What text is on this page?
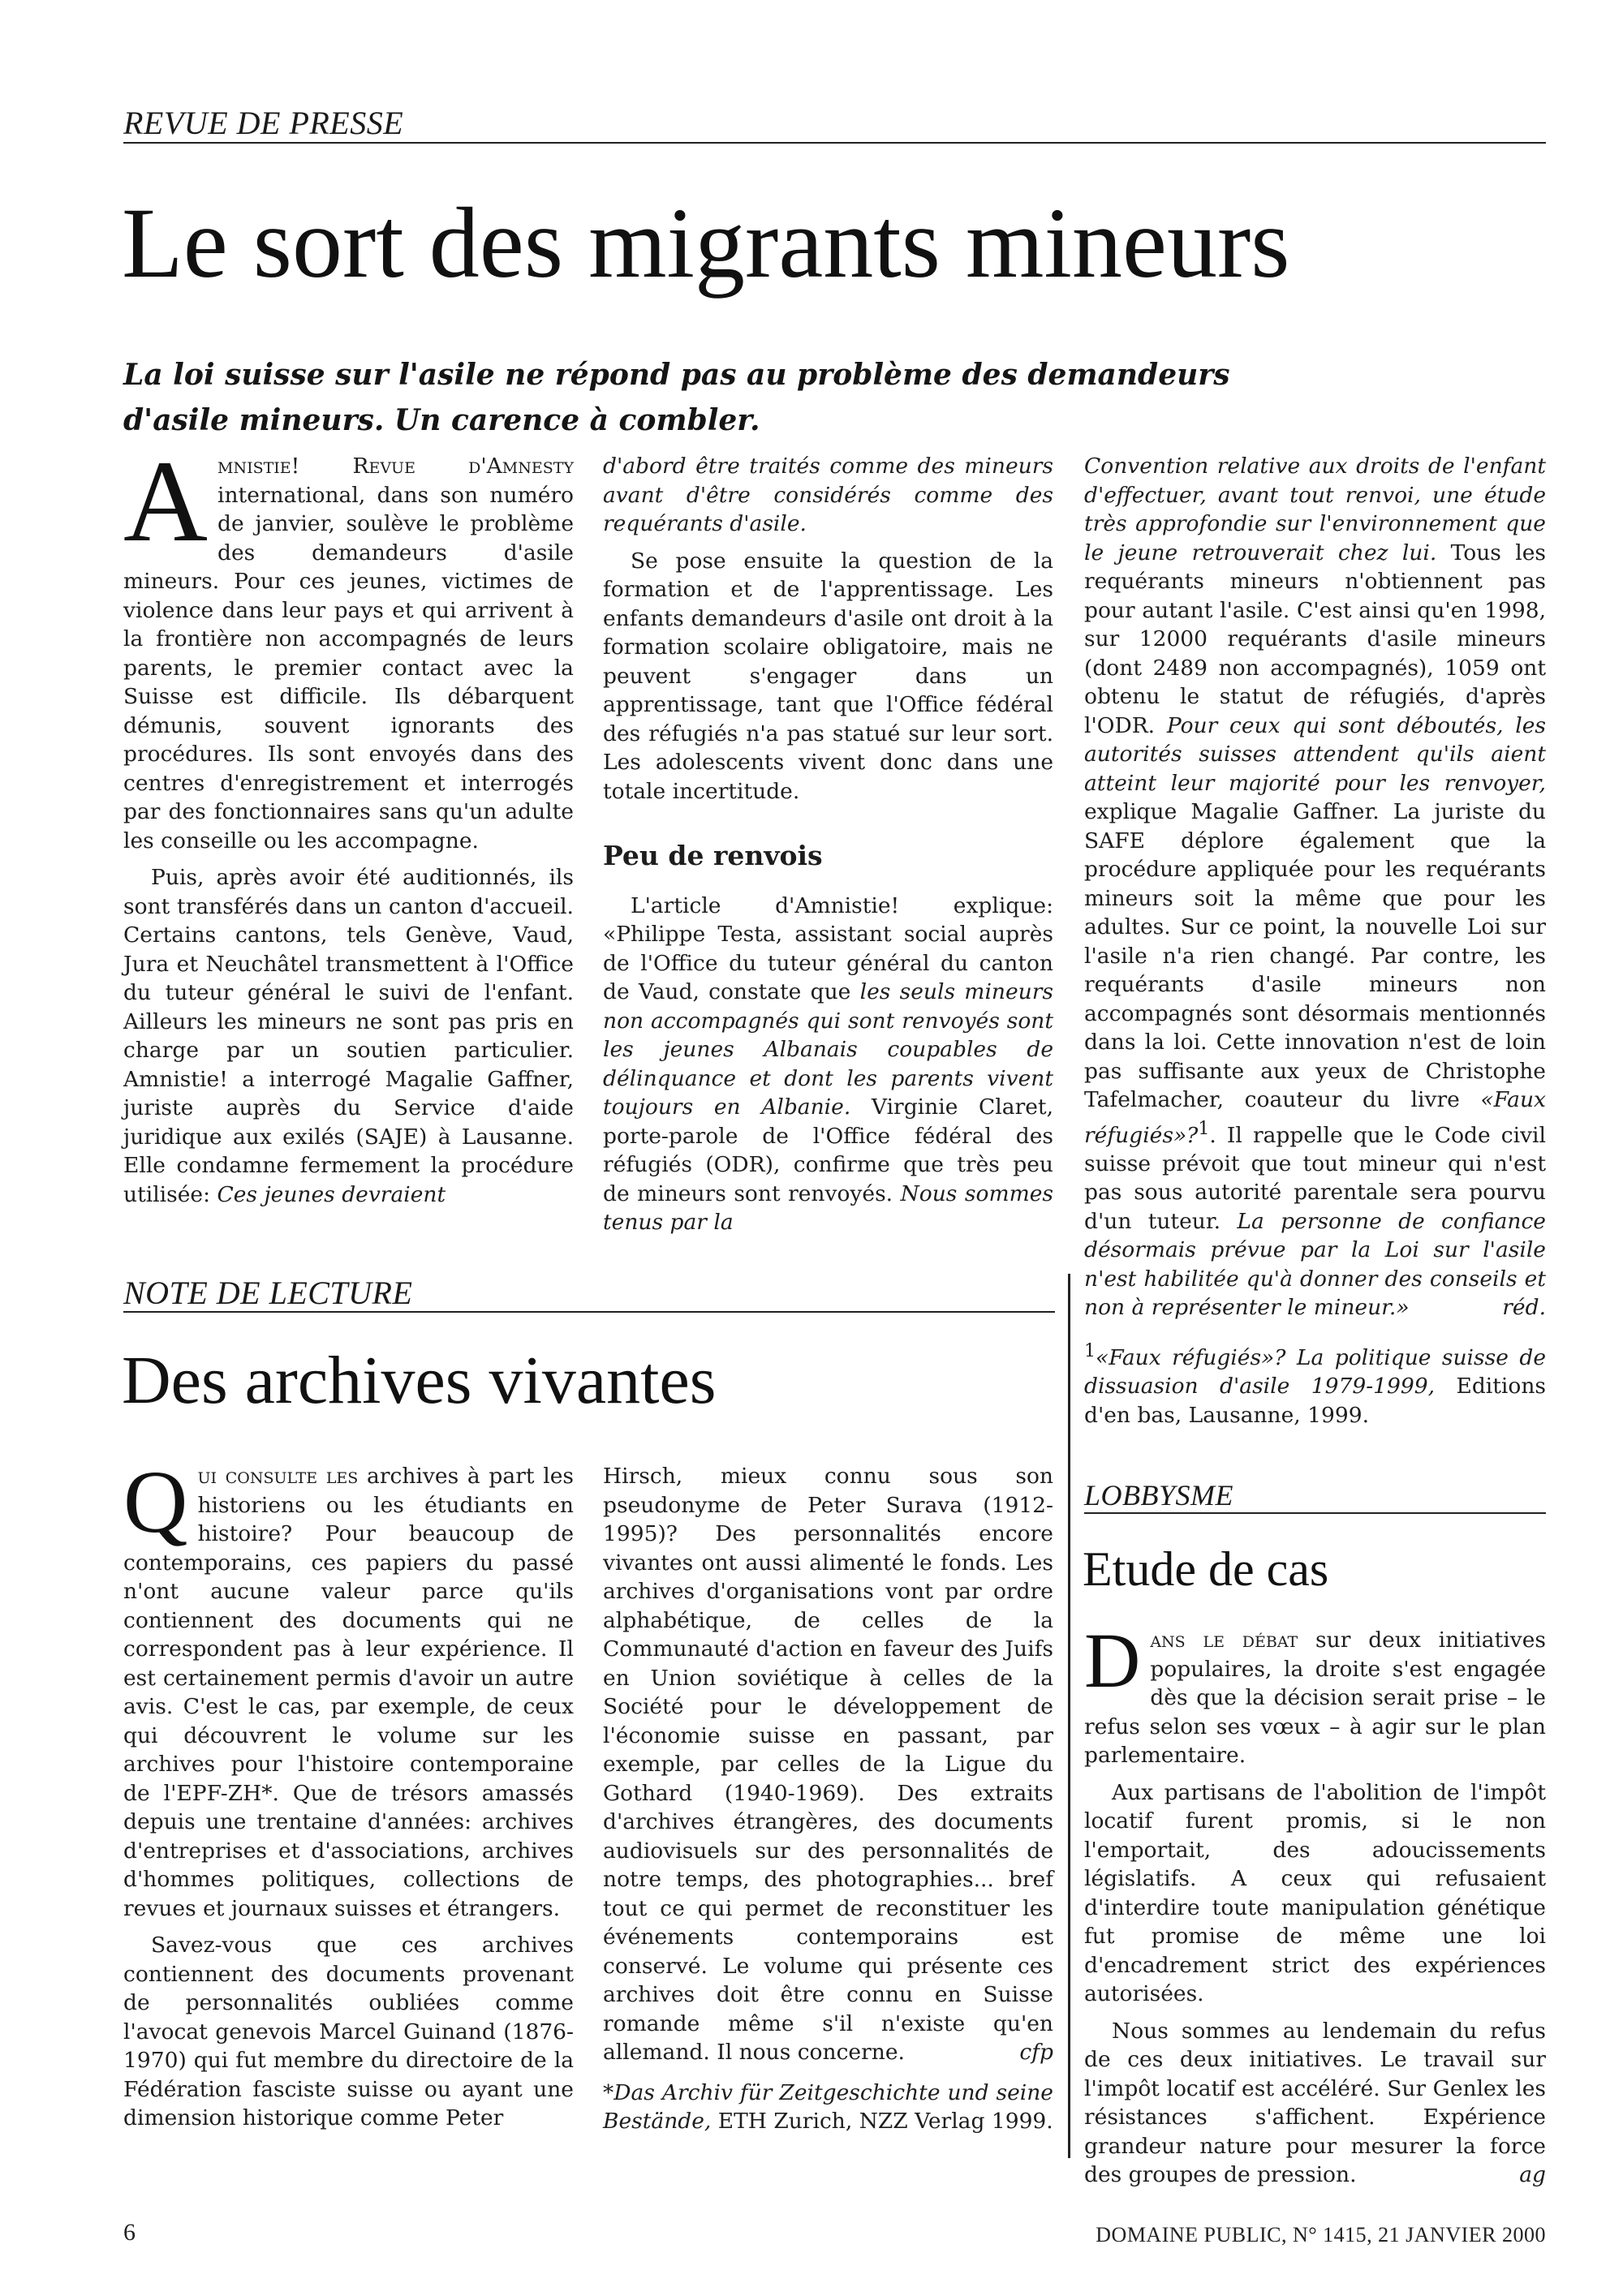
REVUE DE PRESSE
Le sort des migrants mineurs
La loi suisse sur l'asile ne répond pas au problème des demandeurs d'asile mineurs. Un carence à combler.

Amnistie! Revue d'Amnesty international, dans son numéro de janvier, soulève le problème des demandeurs d'asile mineurs. Pour ces jeunes, victimes de violence dans leur pays et qui arrivent à la frontière non accompagnés de leurs parents, le premier contact avec la Suisse est difficile. Ils débarquent démunis, souvent ignorants des procédures. Ils sont envoyés dans des centres d'enregistrement et interrogés par des fonctionnaires sans qu'un adulte les conseille ou les accompagne.

Puis, après avoir été auditionnés, ils sont transférés dans un canton d'accueil. Certains cantons, tels Genève, Vaud, Jura et Neuchâtel transmettent à l'Office du tuteur général le suivi de l'enfant. Ailleurs les mineurs ne sont pas pris en charge par un soutien particulier. Amnistie! a interrogé Magalie Gaffner, juriste auprès du Service d'aide juridique aux exilés (SAJE) à Lausanne. Elle condamne fermement la procédure utilisée: Ces jeunes devraient

d'abord être traités comme des mineurs avant d'être considérés comme des requérants d'asile.

Se pose ensuite la question de la formation et de l'apprentissage. Les enfants demandeurs d'asile ont droit à la formation scolaire obligatoire, mais ne peuvent s'engager dans un apprentissage, tant que l'Office fédéral des réfugiés n'a pas statué sur leur sort. Les adolescents vivent donc dans une totale incertitude.

Peu de renvois

L'article d'Amnistie! explique: «Philippe Testa, assistant social auprès de l'Office du tuteur général du canton de Vaud, constate que les seuls mineurs non accompagnés qui sont renvoyés sont les jeunes Albanais coupables de délinquance et dont les parents vivent toujours en Albanie. Virginie Claret, porte-parole de l'Office fédéral des réfugiés (ODR), confirme que très peu de mineurs sont renvoyés. Nous sommes tenus par la

Convention relative aux droits de l'enfant d'effectuer, avant tout renvoi, une étude très approfondie sur l'environnement que le jeune retrouverait chez lui. Tous les requérants mineurs n'obtiennent pas pour autant l'asile. C'est ainsi qu'en 1998, sur 12000 requérants d'asile mineurs (dont 2489 non accompagnés), 1059 ont obtenu le statut de réfugiés, d'après l'ODR. Pour ceux qui sont déboutés, les autorités suisses attendent qu'ils aient atteint leur majorité pour les renvoyer, explique Magalie Gaffner. La juriste du SAFE déplore également que la procédure appliquée pour les requérants mineurs soit la même que pour les adultes. Sur ce point, la nouvelle Loi sur l'asile n'a rien changé. Par contre, les requérants d'asile mineurs non accompagnés sont désormais mentionnés dans la loi. Cette innovation n'est de loin pas suffisante aux yeux de Christophe Tafelmacher, coauteur du livre «Faux réfugiés»?$^1$. Il rappelle que le Code civil suisse prévoit que tout mineur qui n'est pas sous autorité parentale sera pourvu d'un tuteur. La personne de confiance désormais prévue par la Loi sur l'asile n'est habilitée qu'à donner des conseils et non à représenter le mineur.»	réd.

$^1$«Faux réfugiés»? La politique suisse de dissuasion d'asile 1979-1999, Editions d'en bas, Lausanne, 1999.

NOTE DE LECTURE
Des archives vivantes

Qui consulte les archives à part les historiens ou les étudiants en histoire? Pour beaucoup de contemporains, ces papiers du passé n'ont aucune valeur parce qu'ils contiennent des documents qui ne correspondent pas à leur expérience. Il est certainement permis d'avoir un autre avis. C'est le cas, par exemple, de ceux qui découvrent le volume sur les archives pour l'histoire contemporaine de l'EPF-ZH*. Que de trésors amassés depuis une trentaine d'années: archives d'entreprises et d'associations, archives d'hommes politiques, collections de revues et journaux suisses et étrangers.

Savez-vous que ces archives contiennent des documents provenant de personnalités oubliées comme l'avocat genevois Marcel Guinand (1876-1970) qui fut membre du directoire de la Fédération fasciste suisse ou ayant une dimension historique comme Peter

Hirsch, mieux connu sous son pseudonyme de Peter Surava (1912-1995)? Des personnalités encore vivantes ont aussi alimenté le fonds. Les archives d'organisations vont par ordre alphabétique, de celles de la Communauté d'action en faveur des Juifs en Union soviétique à celles de la Société pour le développement de l'économie suisse en passant, par exemple, par celles de la Ligue du Gothard (1940-1969). Des extraits d'archives étrangères, des documents audiovisuels sur des personnalités de notre temps, des photographies... bref tout ce qui permet de reconstituer les événements contemporains est conservé. Le volume qui présente ces archives doit être connu en Suisse romande même s'il n'existe qu'en allemand. Il nous concerne.	cfp

*Das Archiv für Zeitgeschichte und seine Bestände, ETH Zurich, NZZ Verlag 1999.

LOBBYSME
Etude de cas

Dans le débat sur deux initiatives populaires, la droite s'est engagée dès que la décision serait prise – le refus selon ses vœux – à agir sur le plan parlementaire.

Aux partisans de l'abolition de l'impôt locatif furent promis, si le non l'emportait, des adoucissements législatifs. A ceux qui refusaient d'interdire toute manipulation génétique fut promise de même une loi d'encadrement strict des expériences autorisées.

Nous sommes au lendemain du refus de ces deux initiatives. Le travail sur l'impôt locatif est accéléré. Sur Genlex les résistances s'affichent. Expérience grandeur nature pour mesurer la force des groupes de pression.	ag

6	DOMAINE PUBLIC, N° 1415, 21 JANVIER 2000
